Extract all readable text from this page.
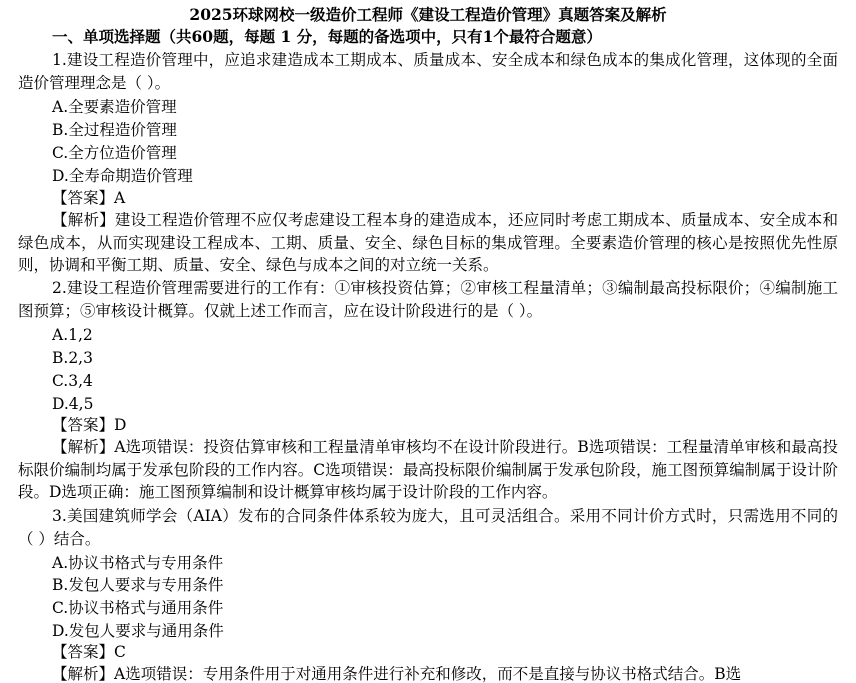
2025环球网校一级造价工程师《建设工程造价管理》真题答案及解析
一、单项选择题（共60题，每题 1 分，每题的备选项中，只有1个最符合题意）

1.建设工程造价管理中，应追求建造成本工期成本、质量成本、安全成本和绿色成本的集成化管理，这体现的全面造价管理理念是（ ）。

A.全要素造价管理
B.全过程造价管理
C.全方位造价管理
D.全寿命期造价管理
【答案】A

【解析】建设工程造价管理不应仅考虑建设工程本身的建造成本，还应同时考虑工期成本、质量成本、安全成本和绿色成本，从而实现建设工程成本、工期、质量、安全、绿色目标的集成管理。全要素造价管理的核心是按照优先性原则，协调和平衡工期、质量、安全、绿色与成本之间的对立统一关系。

2.建设工程造价管理需要进行的工作有：①审核投资估算；②审核工程量清单；③编制最高投标限价；④编制施工图预算；⑤审核设计概算。仅就上述工作而言，应在设计阶段进行的是（ ）。

A.1,2
B.2,3
C.3,4
D.4,5
【答案】D

【解析】A选项错误：投资估算审核和工程量清单审核均不在设计阶段进行。B选项错误：工程量清单审核和最高投标限价编制均属于发承包阶段的工作内容。C选项错误：最高投标限价编制属于发承包阶段，施工图预算编制属于设计阶段。D选项正确：施工图预算编制和设计概算审核均属于设计阶段的工作内容。

3.美国建筑师学会（AIA）发布的合同条件体系较为庞大，且可灵活组合。采用不同计价方式时，只需选用不同的（ ）结合。

A.协议书格式与专用条件
B.发包人要求与专用条件
C.协议书格式与通用条件
D.发包人要求与通用条件
【答案】C

【解析】A选项错误：专用条件用于对通用条件进行补充和修改，而不是直接与协议书格式结合。B选
